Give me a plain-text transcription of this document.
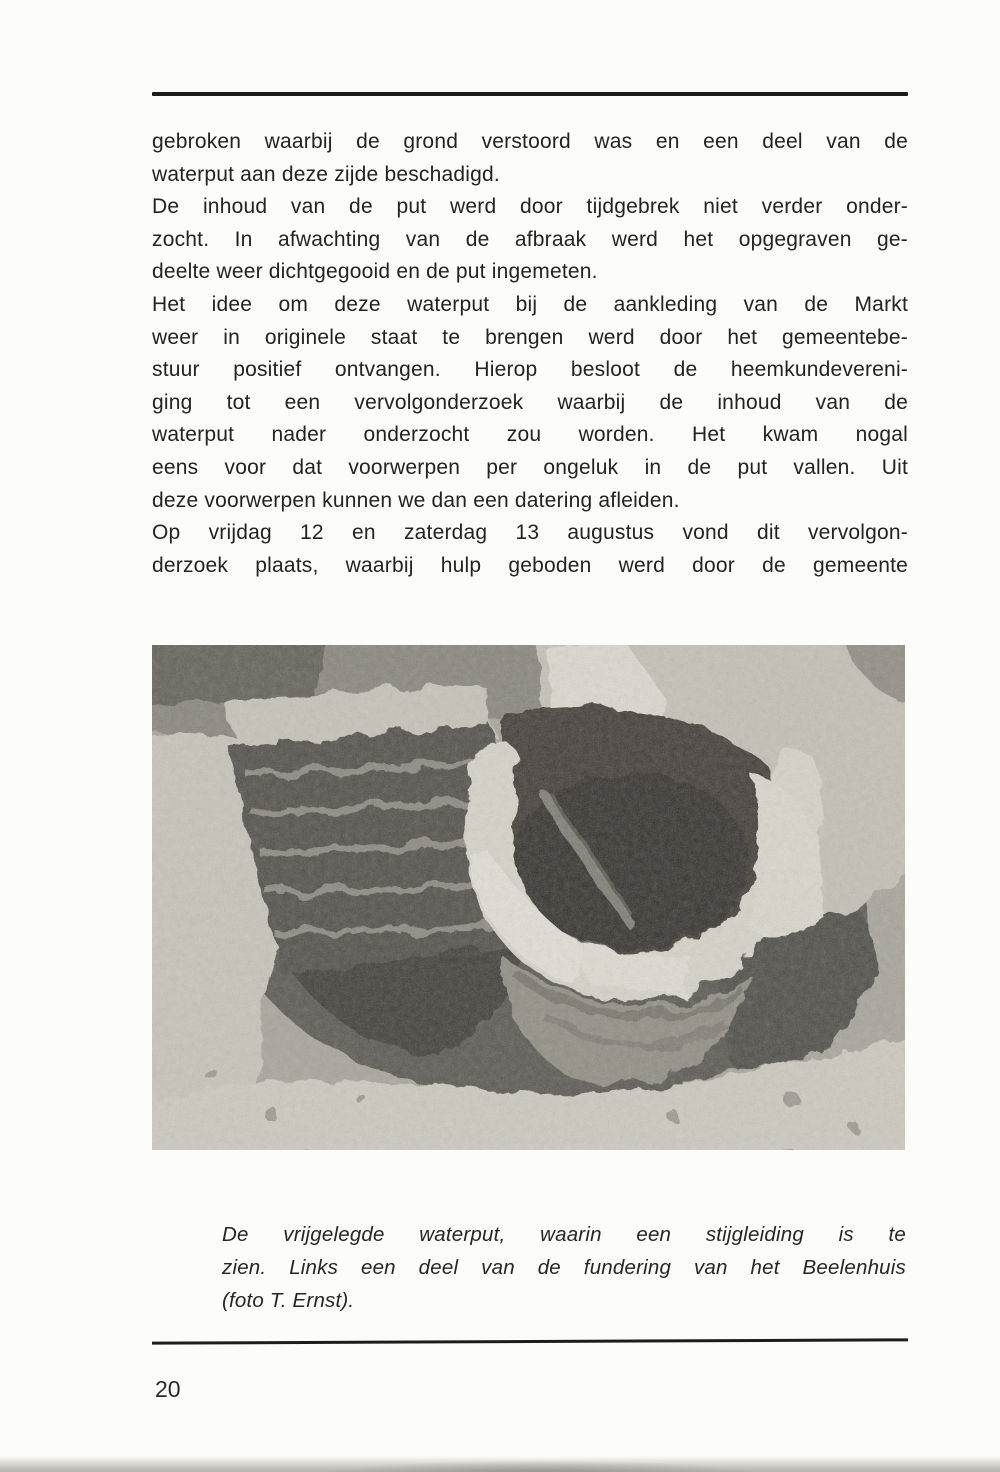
gebroken waarbij de grond verstoord was en een deel van de
waterput aan deze zijde beschadigd.
De inhoud van de put werd door tijdgebrek niet verder onder-
zocht. In afwachting van de afbraak werd het opgegraven ge-
deelte weer dichtgegooid en de put ingemeten.
Het idee om deze waterput bij de aankleding van de Markt
weer in originele staat te brengen werd door het gemeentebe-
stuur positief ontvangen. Hierop besloot de heemkundevereni-
ging tot een vervolgonderzoek waarbij de inhoud van de
waterput nader onderzocht zou worden. Het kwam nogal
eens voor dat voorwerpen per ongeluk in de put vallen. Uit
deze voorwerpen kunnen we dan een datering afleiden.
Op vrijdag 12 en zaterdag 13 augustus vond dit vervolgon-
derzoek plaats, waarbij hulp geboden werd door de gemeente
De vrijgelegde waterput, waarin een stijgleiding is te
zien. Links een deel van de fundering van het Beelenhuis
(foto T. Ernst).
20
